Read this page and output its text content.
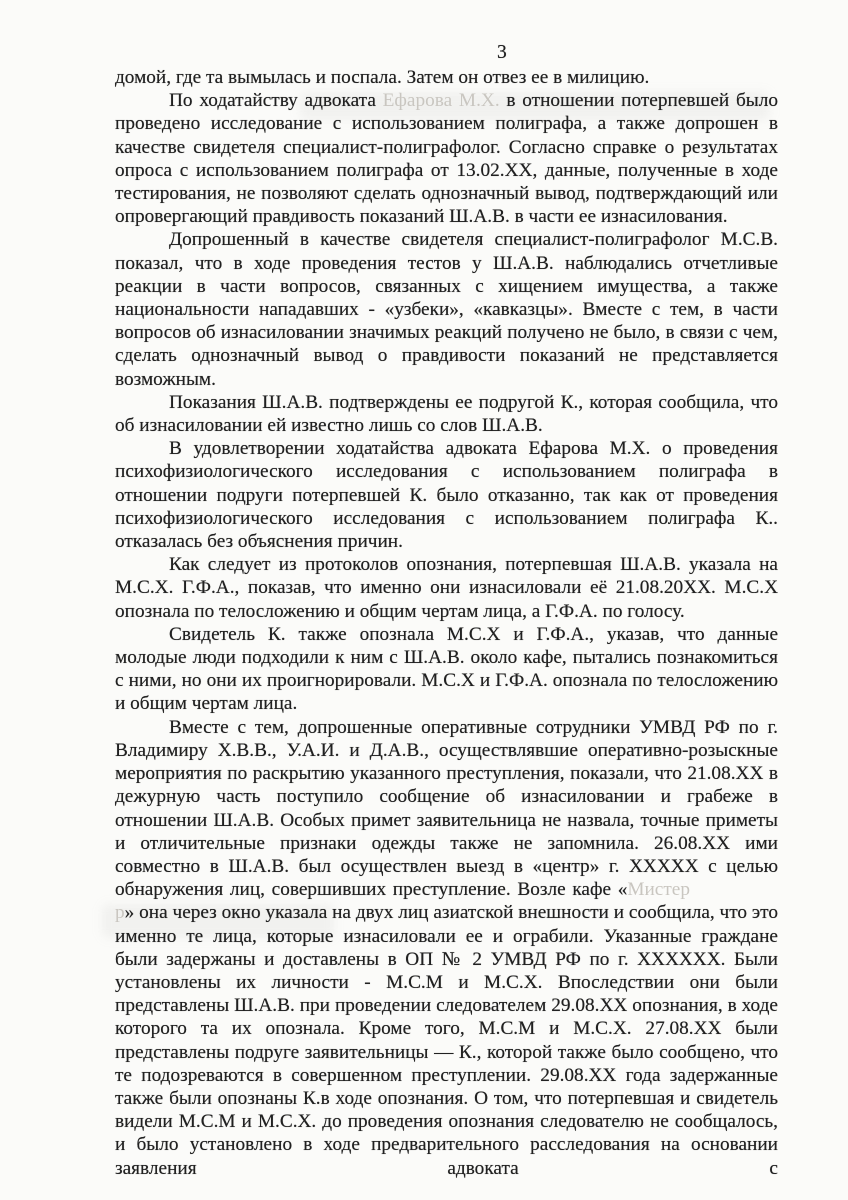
3

домой, где та вымылась и поспала. Затем он отвез ее в милицию.

По ходатайству адвоката Ефарова М.Х. в отношении потерпевшей было проведено исследование с использованием полиграфа, а также допрошен в качестве свидетеля специалист-полиграфолог. Согласно справке о результатах опроса с использованием полиграфа от 13.02.ХХ, данные, полученные в ходе тестирования, не позволяют сделать однозначный вывод, подтверждающий или опровергающий правдивость показаний Ш.А.В. в части ее изнасилования.

Допрошенный в качестве свидетеля специалист-полиграфолог М.С.В. показал, что в ходе проведения тестов у Ш.А.В. наблюдались отчетливые реакции в части вопросов, связанных с хищением имущества, а также национальности нападавших - «узбеки», «кавказцы». Вместе с тем, в части вопросов об изнасиловании значимых реакций получено не было, в связи с чем, сделать однозначный вывод о правдивости показаний не представляется возможным.

Показания Ш.А.В. подтверждены ее подругой К., которая сообщила, что об изнасиловании ей известно лишь со слов Ш.А.В.

В удовлетворении ходатайства адвоката Ефарова М.Х. о проведения психофизиологического исследования с использованием полиграфа в отношении подруги потерпевшей К. было отказанно, так как от проведения психофизиологического исследования с использованием полиграфа К.. отказалась без объяснения причин.

Как следует из протоколов опознания, потерпевшая Ш.А.В. указала на М.С.Х. Г.Ф.А., показав, что именно они изнасиловали её 21.08.20ХХ. М.С.Х опознала по телосложению и общим чертам лица, а Г.Ф.А. по голосу.

Свидетель К. также опознала М.С.Х и Г.Ф.А., указав, что данные молодые люди подходили к ним с Ш.А.В. около кафе, пытались познакомиться с ними, но они их проигнорировали. М.С.Х и Г.Ф.А. опознала по телосложению и общим чертам лица.

Вместе с тем, допрошенные оперативные сотрудники УМВД РФ по г. Владимиру Х.В.В., У.А.И. и Д.А.В., осуществлявшие оперативно-розыскные мероприятия по раскрытию указанного преступления, показали, что 21.08.ХХ в дежурную часть поступило сообщение об изнасиловании и грабеже в отношении Ш.А.В. Особых примет заявительница не назвала, точные приметы и отличительные признаки одежды также не запомнила. 26.08.ХХ ими совместно в Ш.А.В. был осуществлен выезд в «центр» г. ХХХХХ с целью обнаружения лиц, совершивших преступление. Возле кафе «Мистерр» она через окно указала на двух лиц азиатской внешности и сообщила, что это именно те лица, которые изнасиловали ее и ограбили. Указанные граждане были задержаны и доставлены в ОП № 2 УМВД РФ по г. ХХХХХХ. Были установлены их личности - М.С.М и М.С.Х. Впоследствии они были представлены Ш.А.В. при проведении следователем 29.08.ХХ опознания, в ходе которого та их опознала. Кроме того, М.С.М и М.С.Х. 27.08.ХХ были представлены подруге заявительницы — К., которой также было сообщено, что те подозреваются в совершенном преступлении. 29.08.ХХ года задержанные также были опознаны К.в ходе опознания. О том, что потерпевшая и свидетель видели М.С.М и М.С.Х. до проведения опознания следователю не сообщалось, и было установлено в ходе предварительного расследования на основании заявления адвоката с
